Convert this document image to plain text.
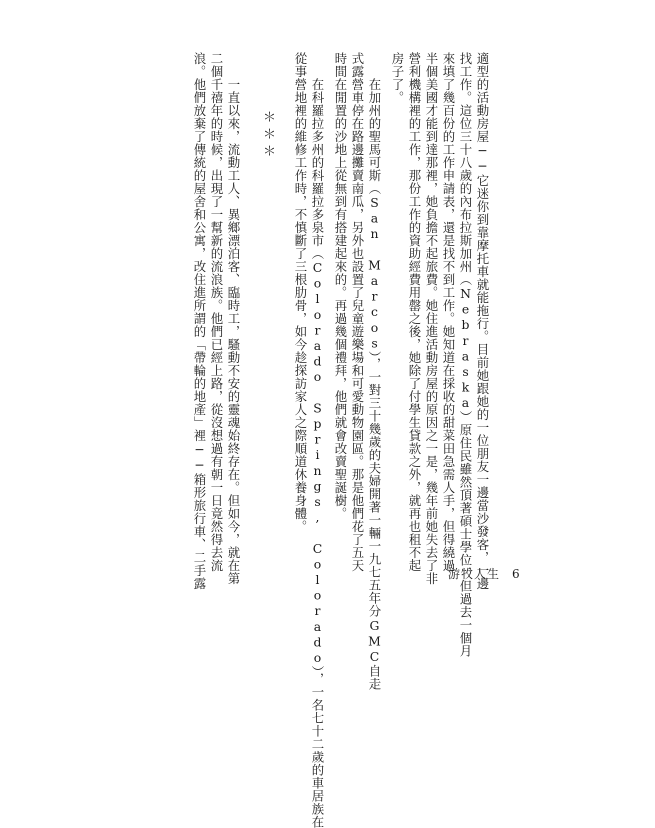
適型的活動房屋──它迷你到靠摩托車就能拖行。目前她跟她的一位朋友一邊當沙發客，一邊
找工作。這位三十八歲的內布拉斯加州（Nebraska）原住民雖然頂著碩士學位，但過去一個月
來填了幾百份的工作申請表，還是找不到工作。她知道在採收的甜菜田急需人手，但得繞過
半個美國才能到達那裡，她負擔不起旅費。她住進活動房屋的原因之一是，幾年前她失去了非
營利機構裡的工作，那份工作的資助經費用罄之後，她除了付學生貸款之外，就再也租不起
房子了。
　　在加州的聖馬可斯（San Marcos），一對三十幾歲的夫婦開著一輛一九七五年分GMC自走
式露營車停在路邊攤賣南瓜，另外也設置了兒童遊樂場和可愛動物園區。那是他們花了五天
時間在閒置的沙地上從無到有搭建起來的。再過幾個禮拜，他們就會改賣聖誕樹。
　　在科羅拉多州的科羅拉多泉市（Colorado Springs, Colorado），一名七十二歲的車居族在
從事營地裡的維修工作時，不慎斷了三根肋骨，如今趁探訪家人之際順道休養身體。
＊＊＊
　　一直以來，流動工人、異鄉漂泊客、臨時工，騷動不安的靈魂始終存在。但如今，就在第
二個千禧年的時候，出現了一幫新的流浪族。他們已經上路，從沒想過有朝一日竟然得去流
浪。他們放棄了傳統的屋舍和公寓，改住進所謂的「帶輪的地產」裡──箱形旅行車、二手露	游牧人生 6
